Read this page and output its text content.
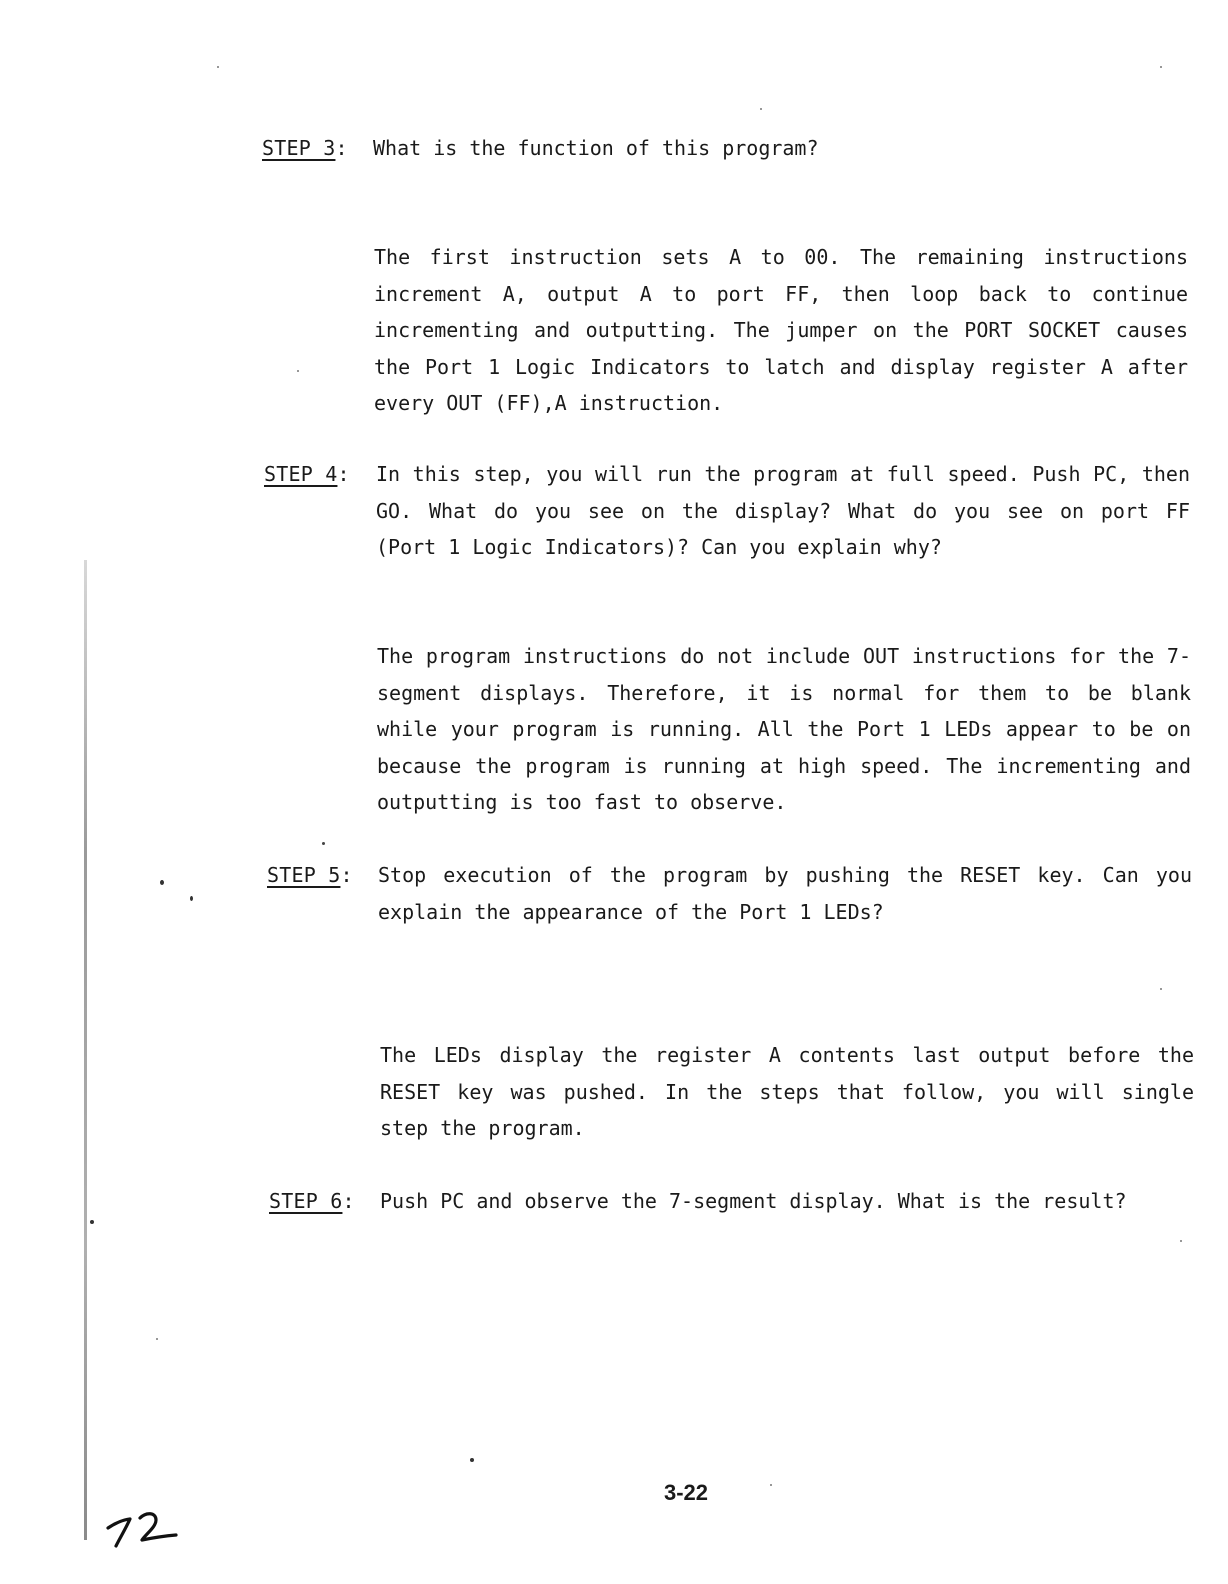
STEP 3: What is the function of this program?
The first instruction sets A to 00. The remaining instructions increment A, output A to port FF, then loop back to continue incrementing and outputting. The jumper on the PORT SOCKET causes the Port 1 Logic Indicators to latch and display register A after every OUT (FF),A instruction.
STEP 4: In this step, you will run the program at full speed. Push PC, then GO. What do you see on the display? What do you see on port FF (Port 1 Logic Indicators)? Can you explain why?
The program instructions do not include OUT instructions for the 7-segment displays. Therefore, it is normal for them to be blank while your program is running. All the Port 1 LEDs appear to be on because the program is running at high speed. The incrementing and outputting is too fast to observe.
STEP 5: Stop execution of the program by pushing the RESET key. Can you explain the appearance of the Port 1 LEDs?
The LEDs display the register A contents last output before the RESET key was pushed. In the steps that follow, you will single step the program.
STEP 6: Push PC and observe the 7-segment display. What is the result?
3-22
